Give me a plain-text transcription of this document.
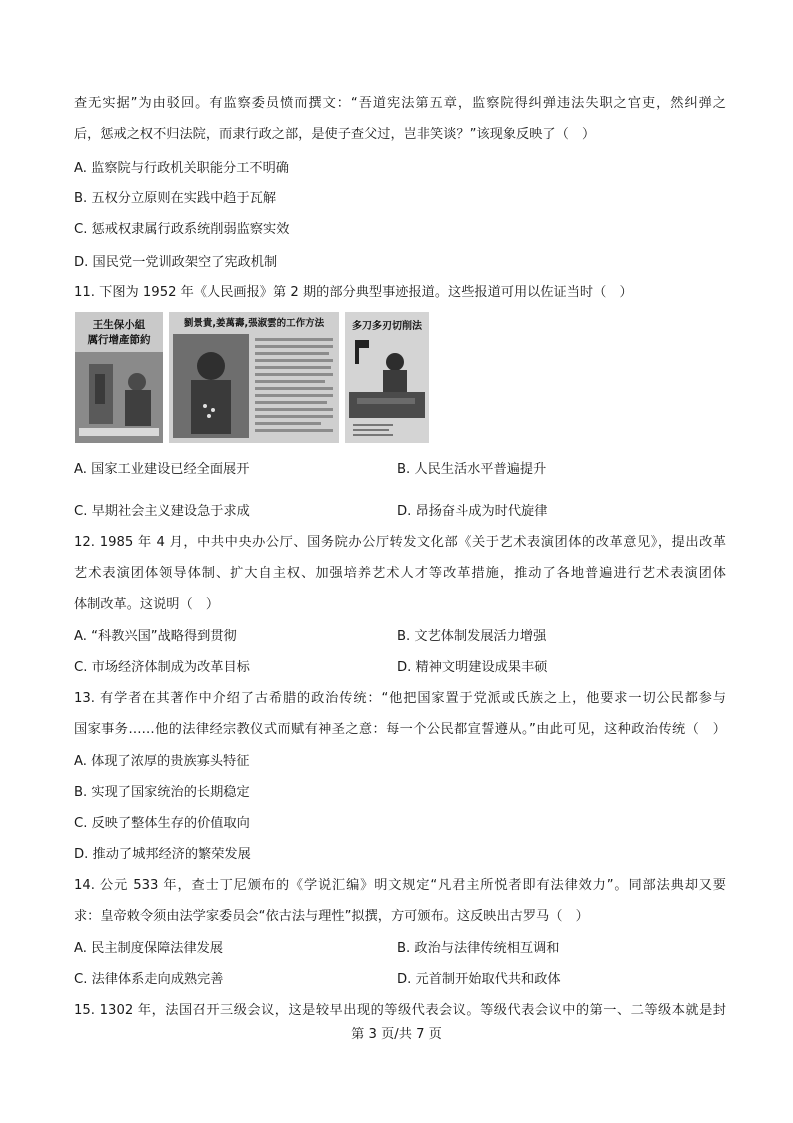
查无实据”为由驳回。有监察委员愤而撰文：“吾道宪法第五章，监察院得纠弹违法失职之官吏，然纠弹之
后，惩戒之权不归法院，而隶行政之部，是使子查父过，岂非笑谈？”该现象反映了（　）
A. 监察院与行政机关职能分工不明确
B. 五权分立原则在实践中趋于瓦解
C. 惩戒权隶属行政系统削弱监察实效
D. 国民党一党训政架空了宪政机制
11. 下图为 1952 年《人民画报》第 2 期的部分典型事迹报道。这些报道可用以佐证当时（　）
王生保小組
厲行增產節約
劉景貴,姜萬壽,張淑雲的工作方法	多刀多刃切削法
A. 国家工业建设已经全面展开	B. 人民生活水平普遍提升
C. 早期社会主义建设急于求成	D. 昂扬奋斗成为时代旋律
12. 1985 年 4 月，中共中央办公厅、国务院办公厅转发文化部《关于艺术表演团体的改革意见》，提出改革
艺术表演团体领导体制、扩大自主权、加强培养艺术人才等改革措施，推动了各地普遍进行艺术表演团体
体制改革。这说明（　）
A. “科教兴国”战略得到贯彻	B. 文艺体制发展活力增强
C. 市场经济体制成为改革目标	D. 精神文明建设成果丰硕
13. 有学者在其著作中介绍了古希腊的政治传统：“他把国家置于党派或氏族之上，他要求一切公民都参与
国家事务……他的法律经宗教仪式而赋有神圣之意：每一个公民都宣誓遵从。”由此可见，这种政治传统（　）
A. 体现了浓厚的贵族寡头特征
B. 实现了国家统治的长期稳定
C. 反映了整体生存的价值取向
D. 推动了城邦经济的繁荣发展
14. 公元 533 年，查士丁尼颁布的《学说汇编》明文规定“凡君主所悦者即有法律效力”。同部法典却又要
求：皇帝敕令须由法学家委员会“依古法与理性”拟撰，方可颁布。这反映出古罗马（　）
A. 民主制度保障法律发展	B. 政治与法律传统相互调和
C. 法律体系走向成熟完善	D. 元首制开始取代共和政体
15. 1302 年，法国召开三级会议，这是较早出现的等级代表会议。等级代表会议中的第一、二等级本就是封
第 3 页/共 7 页
